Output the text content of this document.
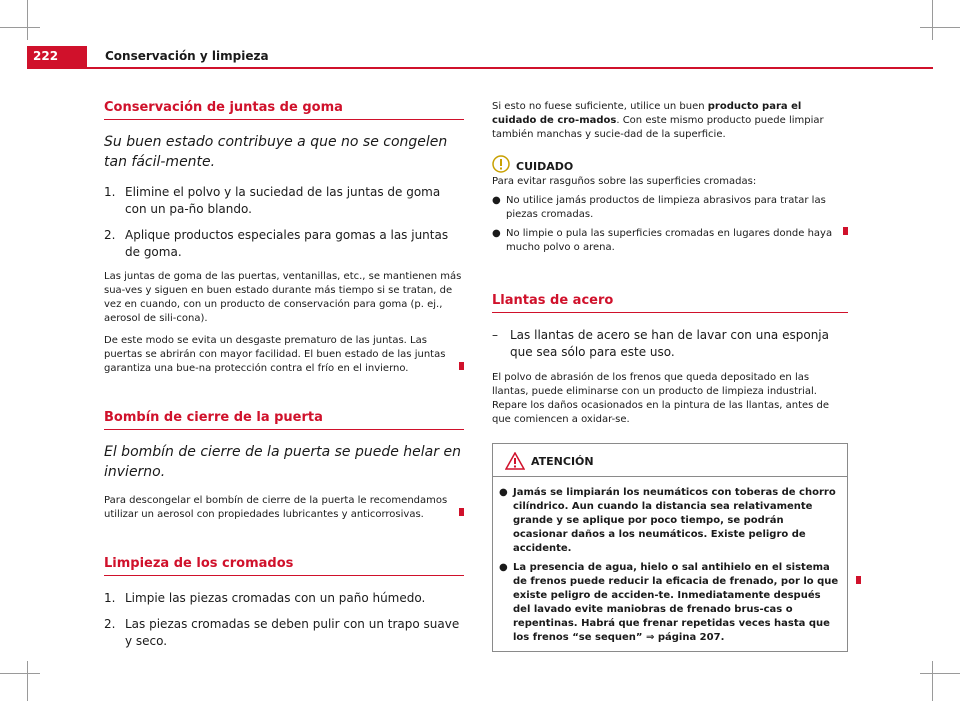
222	Conservación y limpieza
Conservación de juntas de goma
Su buen estado contribuye a que no se congelen tan fácil-mente.
1. Elimine el polvo y la suciedad de las juntas de goma con un pa-ño blando.
2. Aplique productos especiales para gomas a las juntas de goma.
Las juntas de goma de las puertas, ventanillas, etc., se mantienen más sua-ves y siguen en buen estado durante más tiempo si se tratan, de vez en cuando, con un producto de conservación para goma (p. ej., aerosol de sili-cona).
De este modo se evita un desgaste prematuro de las juntas. Las puertas se abrirán con mayor facilidad. El buen estado de las juntas garantiza una bue-na protección contra el frío en el invierno.
Bombín de cierre de la puerta
El bombín de cierre de la puerta se puede helar en invierno.
Para descongelar el bombín de cierre de la puerta le recomendamos utilizar un aerosol con propiedades lubricantes y anticorrosivas.
Limpieza de los cromados
1. Limpie las piezas cromadas con un paño húmedo.
2. Las piezas cromadas se deben pulir con un trapo suave y seco.
Si esto no fuese suficiente, utilice un buen producto para el cuidado de cro-mados. Con este mismo producto puede limpiar también manchas y sucie-dad de la superficie.
CUIDADO
Para evitar rasguños sobre las superficies cromadas:
● No utilice jamás productos de limpieza abrasivos para tratar las piezas cromadas.
● No limpie o pula las superficies cromadas en lugares donde haya mucho polvo o arena.
Llantas de acero
–	Las llantas de acero se han de lavar con una esponja que sea sólo para este uso.
El polvo de abrasión de los frenos que queda depositado en las llantas, puede eliminarse con un producto de limpieza industrial. Repare los daños ocasionados en la pintura de las llantas, antes de que comiencen a oxidar-se.
ATENCIÓN
● Jamás se limpiarán los neumáticos con toberas de chorro cilíndrico. Aun cuando la distancia sea relativamente grande y se aplique por poco tiempo, se podrán ocasionar daños a los neumáticos. Existe peligro de accidente.
● La presencia de agua, hielo o sal antihielo en el sistema de frenos puede reducir la eficacia de frenado, por lo que existe peligro de acciden-te. Inmediatamente después del lavado evite maniobras de frenado brus-cas o repentinas. Habrá que frenar repetidas veces hasta que los frenos “se sequen” ⇒ página 207.
